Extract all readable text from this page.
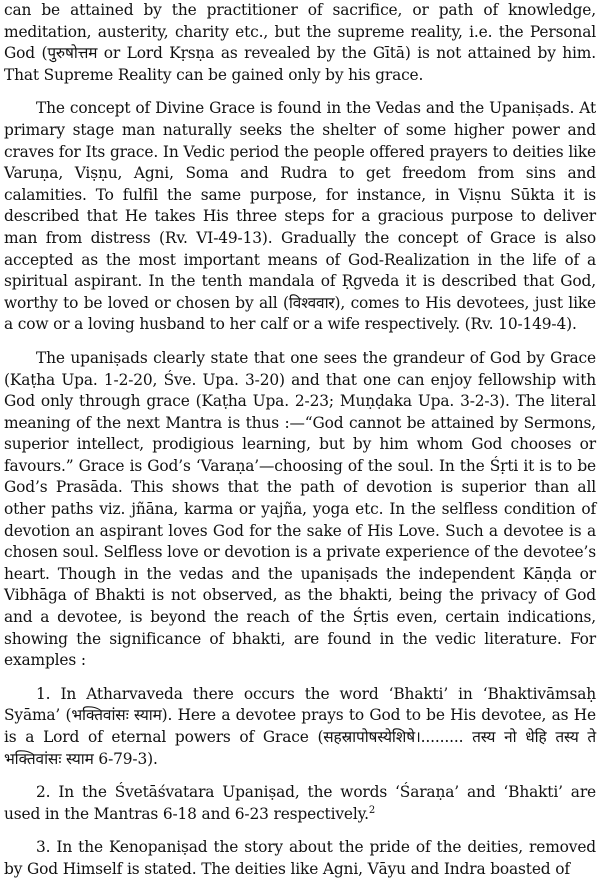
can be attained by the practitioner of sacrifice, or path of knowledge, meditation, austerity, charity etc., but the supreme reality, i.e. the Personal God (पुरुषोत्तम or Lord Kṛsṇa as revealed by the Gītā) is not attained by him. That Supreme Reality can be gained only by his grace.

The concept of Divine Grace is found in the Vedas and the Upaniṣads. At primary stage man naturally seeks the shelter of some higher power and craves for Its grace. In Vedic period the people offered prayers to deities like Varuṇa, Viṣṇu, Agni, Soma and Rudra to get freedom from sins and calamities. To fulfil the same purpose, for instance, in Viṣnu Sūkta it is described that He takes His three steps for a gracious purpose to deliver man from distress (Rv. VI-49-13). Gradually the concept of Grace is also accepted as the most important means of God-Realization in the life of a spiritual aspirant. In the tenth mandala of Ṛgveda it is described that God, worthy to be loved or chosen by all (विश्ववार), comes to His devotees, just like a cow or a loving husband to her calf or a wife respectively. (Rv. 10-149-4).

The upaniṣads clearly state that one sees the grandeur of God by Grace (Kaṭha Upa. 1-2-20, Śve. Upa. 3-20) and that one can enjoy fellowship with God only through grace (Kaṭha Upa. 2-23; Muṇḍaka Upa. 3-2-3). The literal meaning of the next Mantra is thus :—“God cannot be attained by Sermons, superior intellect, prodigious learning, but by him whom God chooses or favours.” Grace is God’s ‘Varaṇa’—choosing of the soul. In the Śṛti it is to be God’s Prasāda. This shows that the path of devotion is superior than all other paths viz. jñāna, karma or yajña, yoga etc. In the selfless condition of devotion an aspirant loves God for the sake of His Love. Such a devotee is a chosen soul. Selfless love or devotion is a private experience of the devotee’s heart. Though in the vedas and the upaniṣads the independent Kāṇḍa or Vibhāga of Bhakti is not observed, as the bhakti, being the privacy of God and a devotee, is beyond the reach of the Śṛtis even, certain indications, showing the significance of bhakti, are found in the vedic literature. For examples :

1. In Atharvaveda there occurs the word ‘Bhakti’ in ‘Bhaktivāmsaḥ Syāma’ (भक्तिवांसः स्याम). Here a devotee prays to God to be His devotee, as He is a Lord of eternal powers of Grace (सहस्रापोषस्येशिषे।......... तस्य नो धेहि तस्य ते भक्तिवांसः स्याम 6-79-3).

2. In the Śvetāśvatara Upaniṣad, the words ‘Śaraṇa’ and ‘Bhakti’ are used in the Mantras 6-18 and 6-23 respectively.$^2$

3. In the Kenopaniṣad the story about the pride of the deities, removed by God Himself is stated. The deities like Agni, Vāyu and Indra boasted of
